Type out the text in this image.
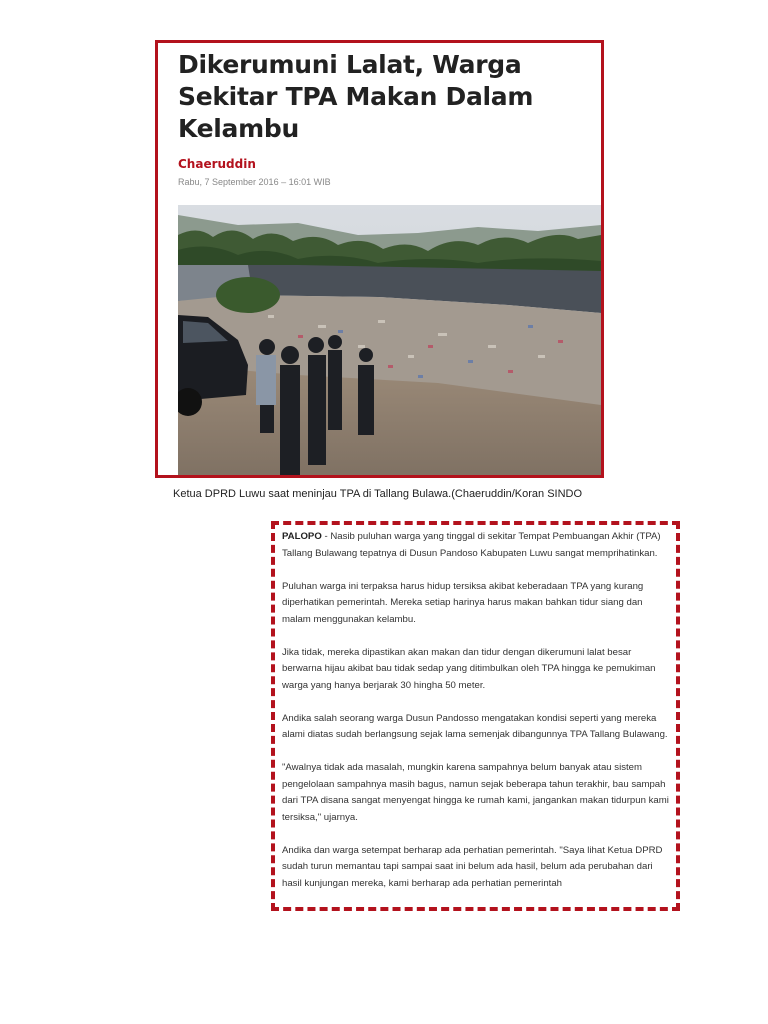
Dikerumuni Lalat, Warga Sekitar TPA Makan Dalam Kelambu
Chaeruddin
Rabu, 7 September 2016 – 16:01 WIB
Ketua DPRD Luwu saat meninjau TPA di Tallang Bulawa.(Chaeruddin/Koran SINDO

PALOPO - Nasib puluhan warga yang tinggal di sekitar Tempat Pembuangan Akhir (TPA) Tallang Bulawang tepatnya di Dusun Pandoso Kabupaten Luwu sangat memprihatinkan.

Puluhan warga ini terpaksa harus hidup tersiksa akibat keberadaan TPA yang kurang diperhatikan pemerintah. Mereka setiap harinya harus makan bahkan tidur siang dan malam menggunakan kelambu.

Jika tidak, mereka dipastikan akan makan dan tidur dengan dikerumuni lalat besar berwarna hijau akibat bau tidak sedap yang ditimbulkan oleh TPA hingga ke pemukiman warga yang hanya berjarak 30 hingha 50 meter.

Andika salah seorang warga Dusun Pandosso mengatakan kondisi seperti yang mereka alami diatas sudah berlangsung sejak lama semenjak dibangunnya TPA Tallang Bulawang.

"Awalnya tidak ada masalah, mungkin karena sampahnya belum banyak atau sistem pengelolaan sampahnya masih bagus, namun sejak beberapa tahun terakhir, bau sampah dari TPA disana sangat menyengat hingga ke rumah kami, jangankan makan tidurpun kami tersiksa," ujarnya.

Andika dan warga setempat berharap ada perhatian pemerintah. "Saya lihat Ketua DPRD sudah turun memantau tapi sampai saat ini belum ada hasil, belum ada perubahan dari hasil kunjungan mereka, kami berharap ada perhatian pemerintah
